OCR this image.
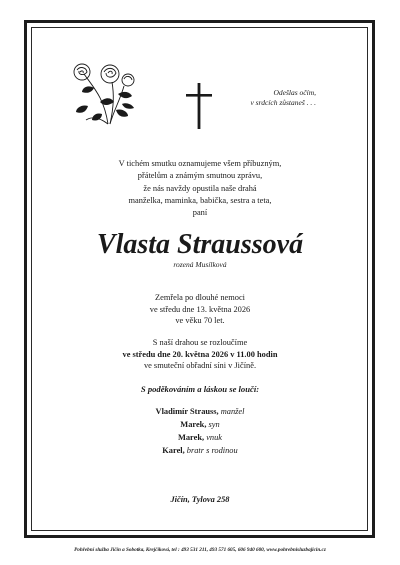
Odešlas očím,
v srdcích zůstaneš . . .
V tichém smutku oznamujeme všem příbuzným,
přátelům a známým smutnou zprávu,
že nás navždy opustila naše drahá
manželka, maminka, babička, sestra a teta,
paní
Vlasta Straussová
rozená Musílková
Zemřela po dlouhé nemoci
ve středu dne 13. května 2026
ve věku 70 let.
S naší drahou se rozloučíme
ve středu dne 20. května 2026 v 11.00 hodin
ve smuteční obřadní síni v Jičíně.
S poděkováním a láskou se loučí:
Vladimír Strauss, manžel
Marek, syn
Marek, vnuk
Karel, bratr s rodinou
Jičín, Tylova 258
Pohřební služba Jičín a Sobotka, Krejčíková, tel : 493 531 211, 493 571 605, 606 940 600, www.pohrebnisluzbajicin.cz
